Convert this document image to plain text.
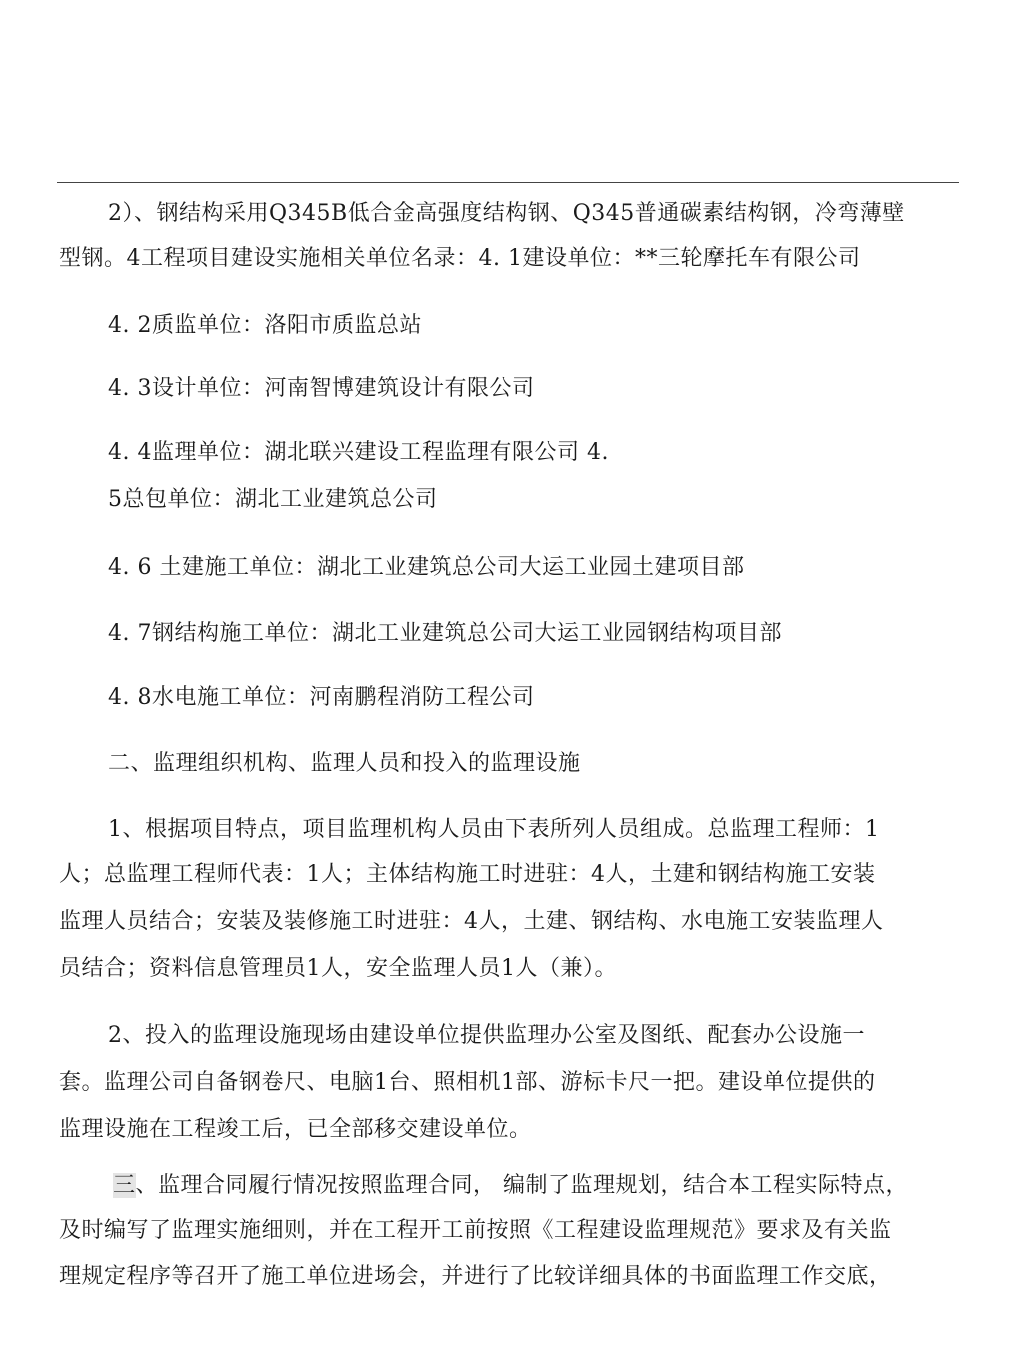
2）、钢结构采用Q345B低合金高强度结构钢、Q345普通碳素结构钢，冷弯薄壁
型钢。4工程项目建设实施相关单位名录：4. 1建设单位：**三轮摩托车有限公司
4. 2质监单位：洛阳市质监总站
4. 3设计单位：河南智博建筑设计有限公司
4. 4监理单位：湖北联兴建设工程监理有限公司 4.
5总包单位：湖北工业建筑总公司
4. 6 土建施工单位：湖北工业建筑总公司大运工业园土建项目部
4. 7钢结构施工单位：湖北工业建筑总公司大运工业园钢结构项目部
4. 8水电施工单位：河南鹏程消防工程公司
二、监理组织机构、监理人员和投入的监理设施
1、根据项目特点，项目监理机构人员由下表所列人员组成。总监理工程师：1
人；总监理工程师代表：1人；主体结构施工时进驻：4人，土建和钢结构施工安装
监理人员结合；安装及装修施工时进驻：4人，土建、钢结构、水电施工安装监理人
员结合；资料信息管理员1人，安全监理人员1人（兼）。
2、投入的监理设施现场由建设单位提供监理办公室及图纸、配套办公设施一
套。监理公司自备钢卷尺、电脑1台、照相机1部、游标卡尺一把。建设单位提供的
监理设施在工程竣工后，已全部移交建设单位。
三、监理合同履行情况按照监理合同， 编制了监理规划，结合本工程实际特点，
及时编写了监理实施细则，并在工程开工前按照《工程建设监理规范》要求及有关监
理规定程序等召开了施工单位进场会，并进行了比较详细具体的书面监理工作交底，
